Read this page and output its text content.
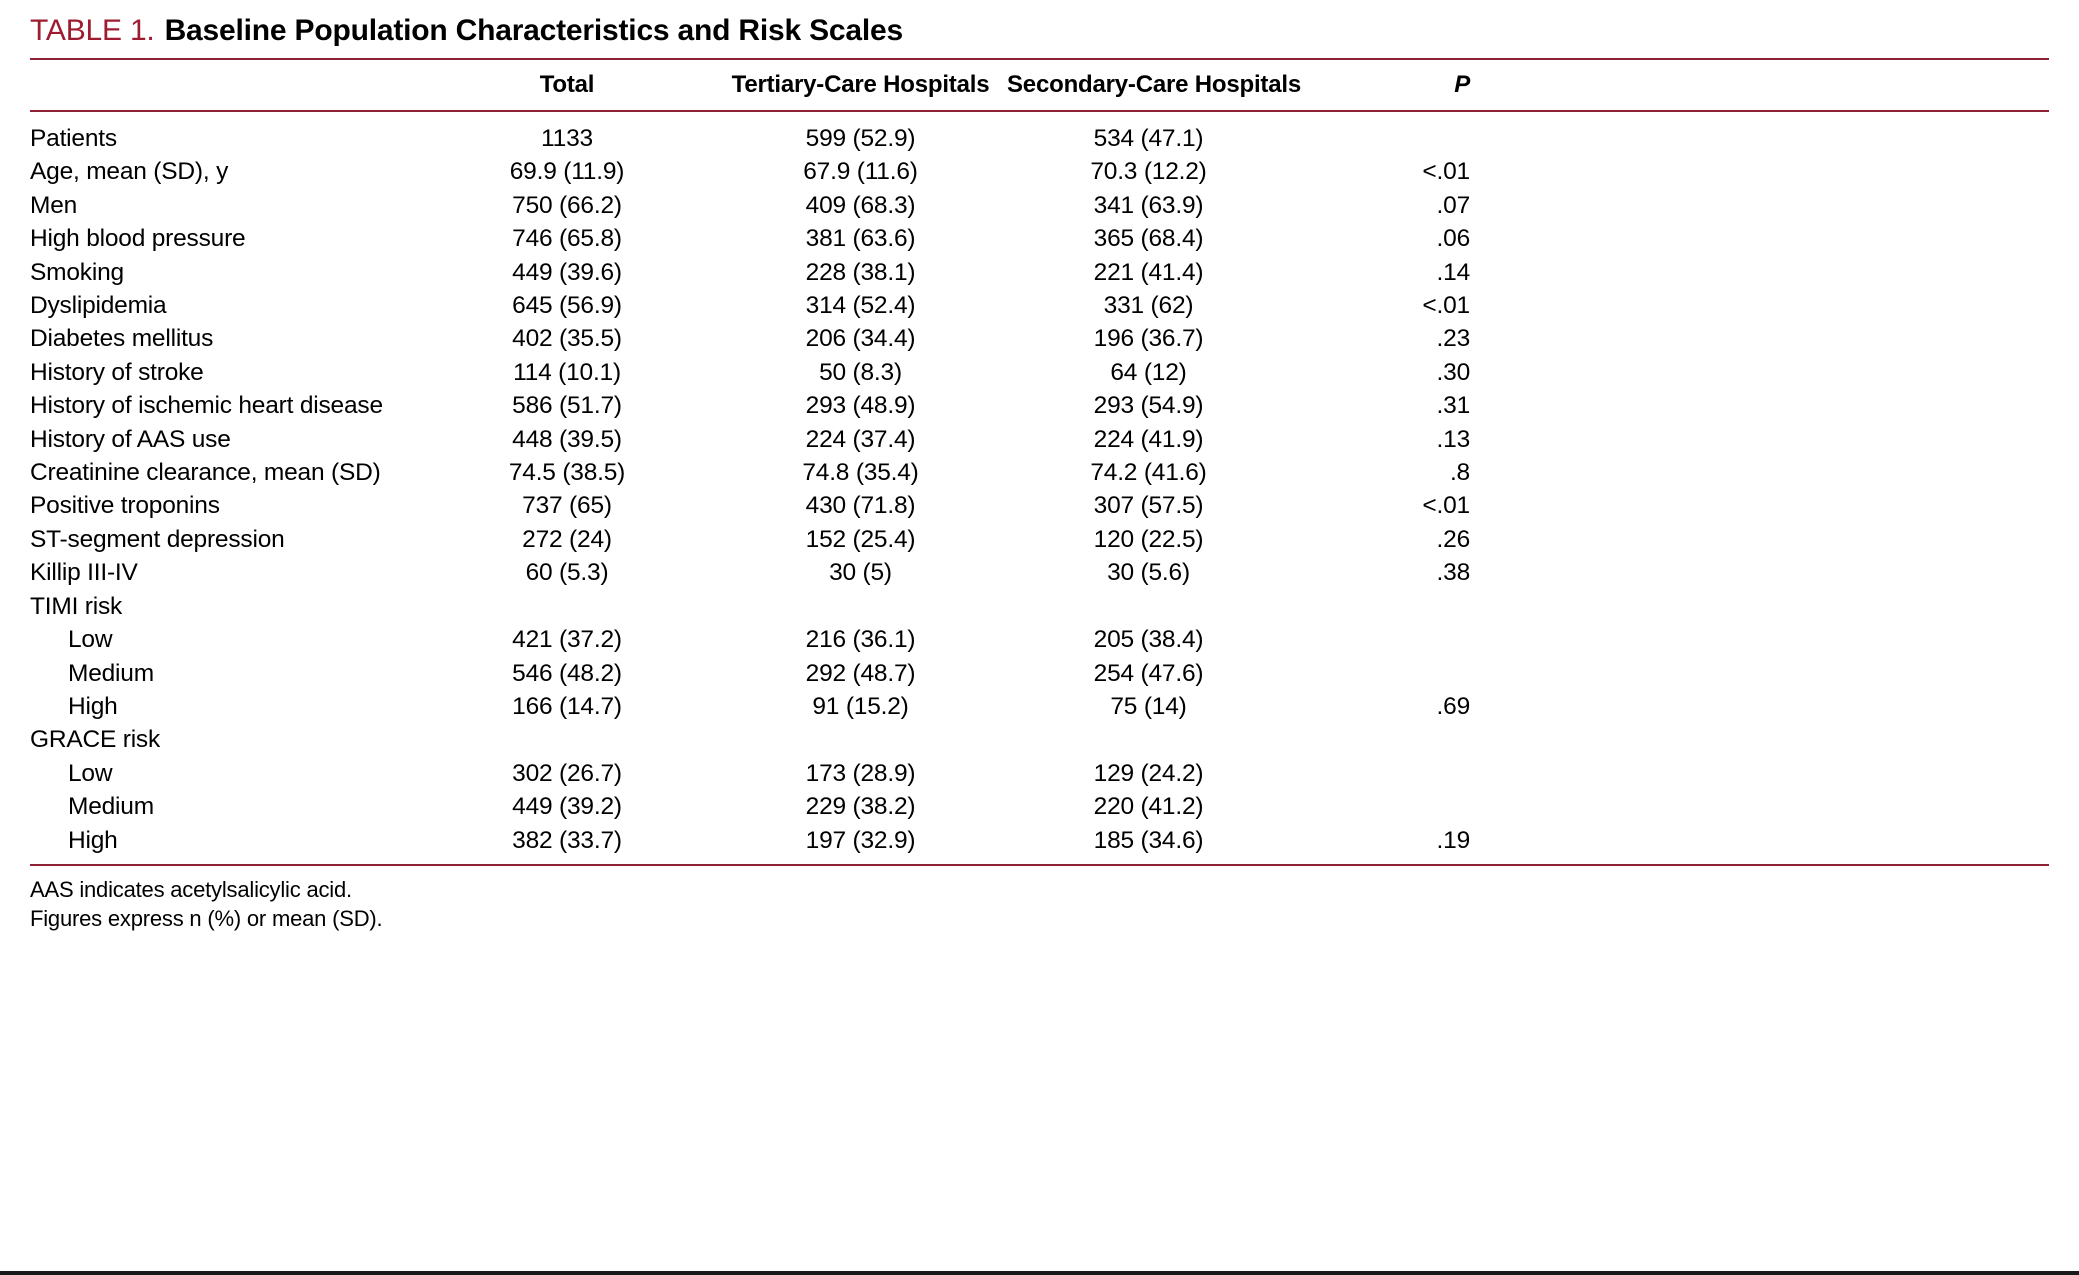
TABLE 1. Baseline Population Characteristics and Risk Scales
	Total	Tertiary-Care Hospitals	Secondary-Care Hospitals	P	
Patients	1133	599 (52.9)	534 (47.1)		
Age, mean (SD), y	69.9 (11.9)	67.9 (11.6)	70.3 (12.2)	<.01	
Men	750 (66.2)	409 (68.3)	341 (63.9)	.07	
High blood pressure	746 (65.8)	381 (63.6)	365 (68.4)	.06	
Smoking	449 (39.6)	228 (38.1)	221 (41.4)	.14	
Dyslipidemia	645 (56.9)	314 (52.4)	331 (62)	<.01	
Diabetes mellitus	402 (35.5)	206 (34.4)	196 (36.7)	.23	
History of stroke	114 (10.1)	50 (8.3)	64 (12)	.30	
History of ischemic heart disease	586 (51.7)	293 (48.9)	293 (54.9)	.31	
History of AAS use	448 (39.5)	224 (37.4)	224 (41.9)	.13	
Creatinine clearance, mean (SD)	74.5 (38.5)	74.8 (35.4)	74.2 (41.6)	.8	
Positive troponins	737 (65)	430 (71.8)	307 (57.5)	<.01	
ST-segment depression	272 (24)	152 (25.4)	120 (22.5)	.26	
Killip III-IV	60 (5.3)	30 (5)	30 (5.6)	.38	
TIMI risk					
Low	421 (37.2)	216 (36.1)	205 (38.4)		
Medium	546 (48.2)	292 (48.7)	254 (47.6)		
High	166 (14.7)	91 (15.2)	75 (14)	.69	
GRACE risk					
Low	302 (26.7)	173 (28.9)	129 (24.2)		
Medium	449 (39.2)	229 (38.2)	220 (41.2)		
High	382 (33.7)	197 (32.9)	185 (34.6)	.19	
AAS indicates acetylsalicylic acid.
Figures express n (%) or mean (SD).
